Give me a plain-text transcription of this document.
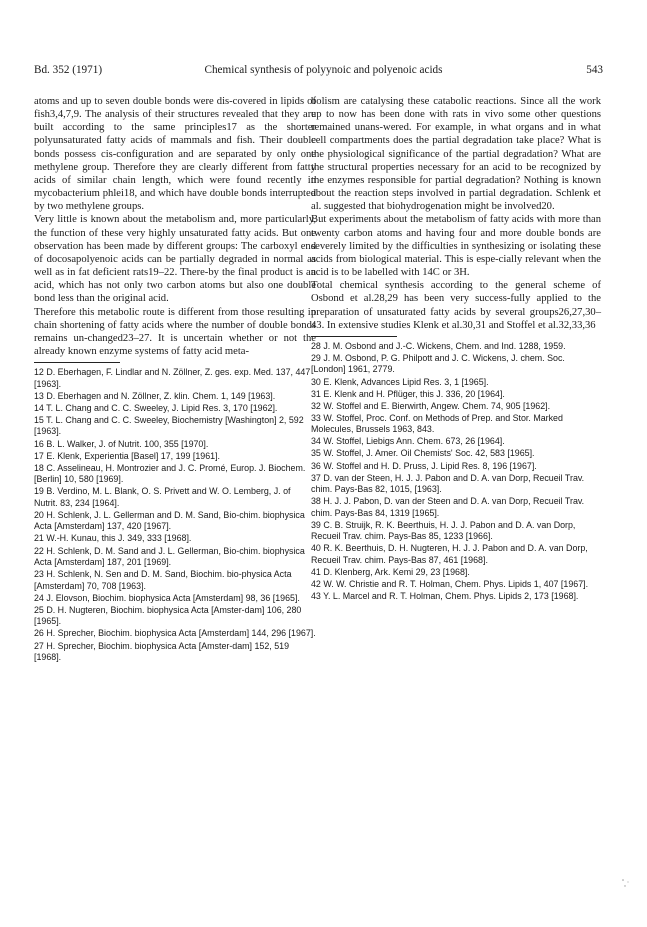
Bd. 352 (1971)	Chemical synthesis of polyynoic and polyenoic acids	543

atoms and up to seven double bonds were dis-covered in lipids of fish3,4,7,9. The analysis of their structures revealed that they are built according to the same principles17 as the shorter polyunsaturated fatty acids of mammals and fish. Their double bonds possess cis-configuration and are separated by only one methylene group. Therefore they are clearly different from fatty acids of similar chain length, which were found recently in mycobacterium phlei18, and which have double bonds interrupted by two methylene groups.

Very little is known about the metabolism and, more particularly, the function of these very highly unsaturated fatty acids. But one observation has been made by different groups: The carboxyl end of docosapolyenoic acids can be partially degraded in normal as well as in fat deficient rats19–22. There-by the final product is an acid, which has not only two carbon atoms but also one double bond less than the original acid.

Therefore this metabolic route is different from those resulting in chain shortening of fatty acids where the number of double bonds remains un-changed23–27. It is uncertain whether or not the already known enzyme systems of fatty acid meta-

12 D. Eberhagen, F. Lindlar and N. Zöllner, Z. ges. exp. Med. 137, 447 [1963].

13 D. Eberhagen and N. Zöllner, Z. klin. Chem. 1, 149 [1963].

14 T. L. Chang and C. C. Sweeley, J. Lipid Res. 3, 170 [1962].

15 T. L. Chang and C. C. Sweeley, Biochemistry [Washington] 2, 592 [1963].

16 B. L. Walker, J. of Nutrit. 100, 355 [1970].

17 E. Klenk, Experientia [Basel] 17, 199 [1961].

18 C. Asselineau, H. Montrozier and J. C. Promé, Europ. J. Biochem. [Berlin] 10, 580 [1969].

19 B. Verdino, M. L. Blank, O. S. Privett and W. O. Lemberg, J. of Nutrit. 83, 234 [1964].

20 H. Schlenk, J. L. Gellerman and D. M. Sand, Bio-chim. biophysica Acta [Amsterdam] 137, 420 [1967].

21 W.-H. Kunau, this J. 349, 333 [1968].

22 H. Schlenk, D. M. Sand and J. L. Gellerman, Bio-chim. biophysica Acta [Amsterdam] 187, 201 [1969].

23 H. Schlenk, N. Sen and D. M. Sand, Biochim. bio-physica Acta [Amsterdam] 70, 708 [1963].

24 J. Elovson, Biochim. biophysica Acta [Amsterdam] 98, 36 [1965].

25 D. H. Nugteren, Biochim. biophysica Acta [Amster-dam] 106, 280 [1965].

26 H. Sprecher, Biochim. biophysica Acta [Amsterdam] 144, 296 [1967].

27 H. Sprecher, Biochim. biophysica Acta [Amster-dam] 152, 519 [1968].

bolism are catalysing these catabolic reactions. Since all the work up to now has been done with rats in vivo some other questions remained unans-wered. For example, in what organs and in what cell compartments does the partial degradation take place? What is the physiological significance of the partial degradation? What are the structural properties necessary for an acid to be recognized by the enzymes responsible for partial degradation? Nothing is known about the reaction steps involved in partial degradation. Schlenk et al. suggested that biohydrogenation might be involved20.

But experiments about the metabolism of fatty acids with more than twenty carbon atoms and having four and more double bonds are severely limited by the difficulties in synthesizing or isolating these acids from biological material. This is espe-cially relevant when the acid is to be labelled with 14C or 3H.

Total chemical synthesis according to the general scheme of Osbond et al.28,29 has been very success-fully applied to the preparation of unsaturated fatty acids by several groups26,27,30–43. In extensive studies Klenk et al.30,31 and Stoffel et al.32,33,36

28 J. M. Osbond and J.-C. Wickens, Chem. and Ind. 1288, 1959.

29 J. M. Osbond, P. G. Philpott and J. C. Wickens, J. chem. Soc. [London] 1961, 2779.

30 E. Klenk, Advances Lipid Res. 3, 1 [1965].

31 E. Klenk and H. Pflüger, this J. 336, 20 [1964].

32 W. Stoffel and E. Bierwirth, Angew. Chem. 74, 905 [1962].

33 W. Stoffel, Proc. Conf. on Methods of Prep. and Stor. Marked Molecules, Brussels 1963, 843.

34 W. Stoffel, Liebigs Ann. Chem. 673, 26 [1964].

35 W. Stoffel, J. Amer. Oil Chemists' Soc. 42, 583 [1965].

36 W. Stoffel and H. D. Pruss, J. Lipid Res. 8, 196 [1967].

37 D. van der Steen, H. J. J. Pabon and D. A. van Dorp, Recueil Trav. chim. Pays-Bas 82, 1015, [1963].

38 H. J. J. Pabon, D. van der Steen and D. A. van Dorp, Recueil Trav. chim. Pays-Bas 84, 1319 [1965].

39 C. B. Struijk, R. K. Beerthuis, H. J. J. Pabon and D. A. van Dorp, Recueil Trav. chim. Pays-Bas 85, 1233 [1966].

40 R. K. Beerthuis, D. H. Nugteren, H. J. J. Pabon and D. A. van Dorp, Recueil Trav. chim. Pays-Bas 87, 461 [1968].

41 D. Klenberg, Ark. Kemi 29, 23 [1968].

42 W. W. Christie and R. T. Holman, Chem. Phys. Lipids 1, 407 [1967].

43 Y. L. Marcel and R. T. Holman, Chem. Phys. Lipids 2, 173 [1968].
